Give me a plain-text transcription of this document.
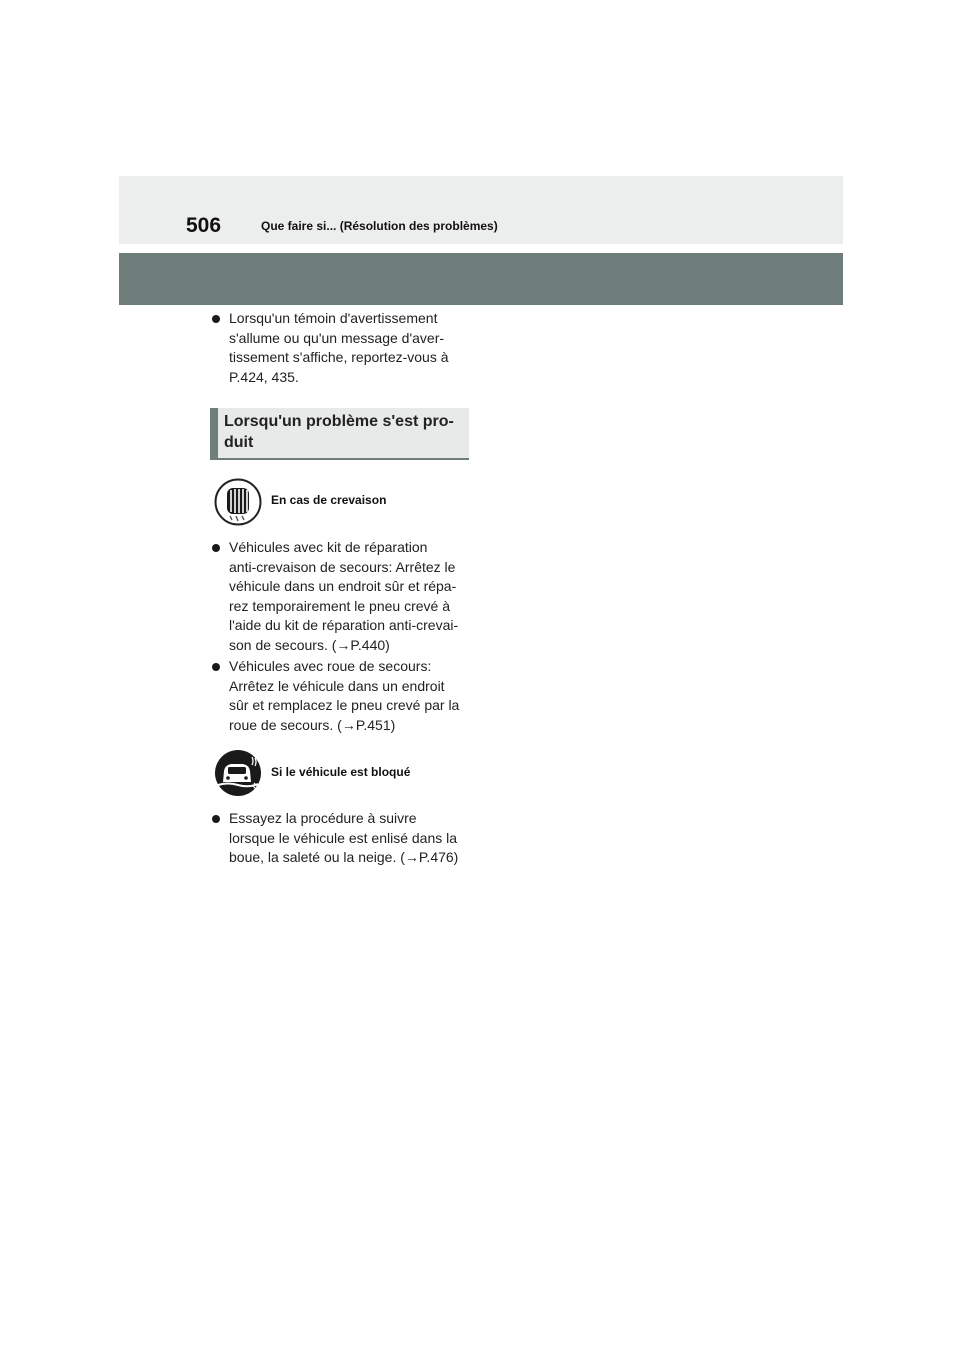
506	Que faire si... (Résolution des problèmes)
Lorsqu'un témoin d'avertissement
s'allume ou qu'un message d'aver-
tissement s'affiche, reportez-vous à
P.424, 435.
Lorsqu'un problème s'est pro-
duit
En cas de crevaison
Véhicules avec kit de réparation
anti-crevaison de secours: Arrêtez le
véhicule dans un endroit sûr et répa-
rez temporairement le pneu crevé à
l'aide du kit de réparation anti-crevai-
son de secours. (→P.440)
Véhicules avec roue de secours:
Arrêtez le véhicule dans un endroit
sûr et remplacez le pneu crevé par la
roue de secours. (→P.451)
Si le véhicule est bloqué
Essayez la procédure à suivre
lorsque le véhicule est enlisé dans la
boue, la saleté ou la neige. (→P.476)
